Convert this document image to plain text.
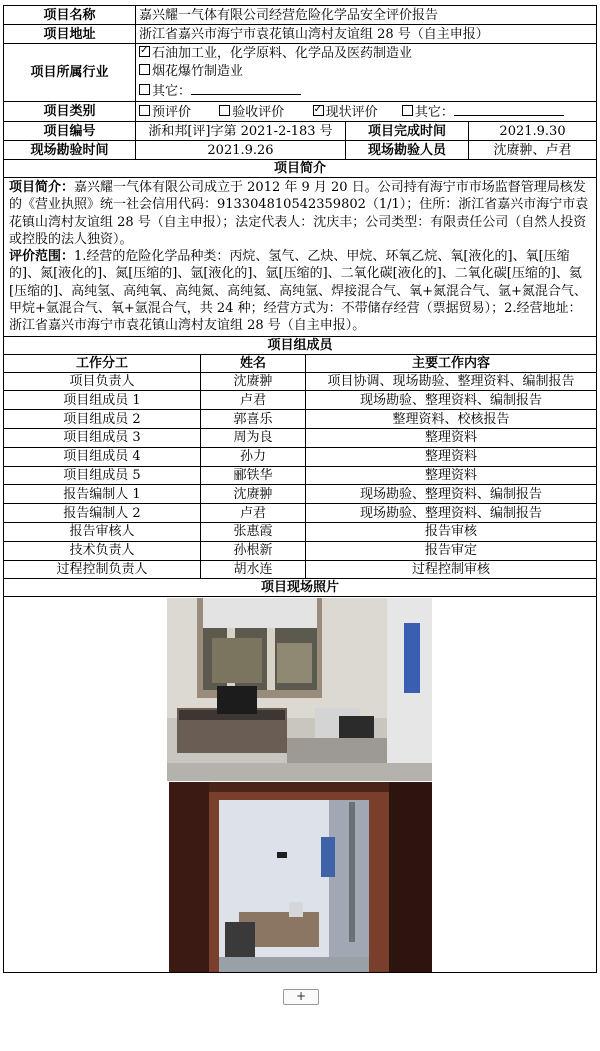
项目名称	嘉兴耀一气体有限公司经营危险化学品安全评价报告		
项目地址	浙江省嘉兴市海宁市袁花镇山湾村友谊组 28 号（自主申报）		
项目所属行业	
✓石油加工业，化学原料、化学品及医药制造业
烟花爆竹制造业
其它：

项目类别	预评价 验收评价 ✓ 现状评价 其它：
项目编号	浙和邦[评]字第 2021-2-183 号	项目完成时间	2021.9.30
现场勘验时间	2021.9.26	现场勘验人员	沈赓翀、卢君
项目简介			

项目简介：嘉兴耀一气体有限公司成立于 2012 年 9 月 20 日。公司持有海宁市市场监督管理局核发的《营业执照》统一社会信用代码：913304810542359802（1/1）；住所：浙江省嘉兴市海宁市袁花镇山湾村友谊组 28 号（自主申报）；法定代表人：沈庆丰；公司类型：有限责任公司（自然人投资或控股的法人独资）。
评价范围：1.经营的危险化学品种类：丙烷、氢气、乙炔、甲烷、环氧乙烷、氧[液化的]、氧[压缩的]、氮[液化的]、氮[压缩的]、氩[液化的]、氩[压缩的]、二氧化碳[液化的]、二氧化碳[压缩的]、氦[压缩的]、高纯氢、高纯氧、高纯氮、高纯氦、高纯氩、焊接混合气、氧+氮混合气、氩+氮混合气、甲烷+氩混合气、氧+氩混合气，共 24 种；经营方式为：不带储存经营（票据贸易）；2.经营地址：浙江省嘉兴市海宁市袁花镇山湾村友谊组 28 号（自主申报）。			
项目组成员		
工作分工	姓名	主要工作内容
项目负责人	沈赓翀	项目协调、现场勘验、整理资料、编制报告
项目组成员 1	卢君	现场勘验、整理资料、编制报告
项目组成员 2	郭喜乐	整理资料、校核报告
项目组成员 3	周为良	整理资料
项目组成员 4	孙力	整理资料
项目组成员 5	郦铁华	整理资料
报告编制人 1	沈赓翀	现场勘验、整理资料、编制报告
报告编制人 2	卢君	现场勘验、整理资料、编制报告
报告审核人	张惠霞	报告审核
技术负责人	孙根新	报告审定
过程控制负责人	胡水连	过程控制审核
项目现场照片		

+
